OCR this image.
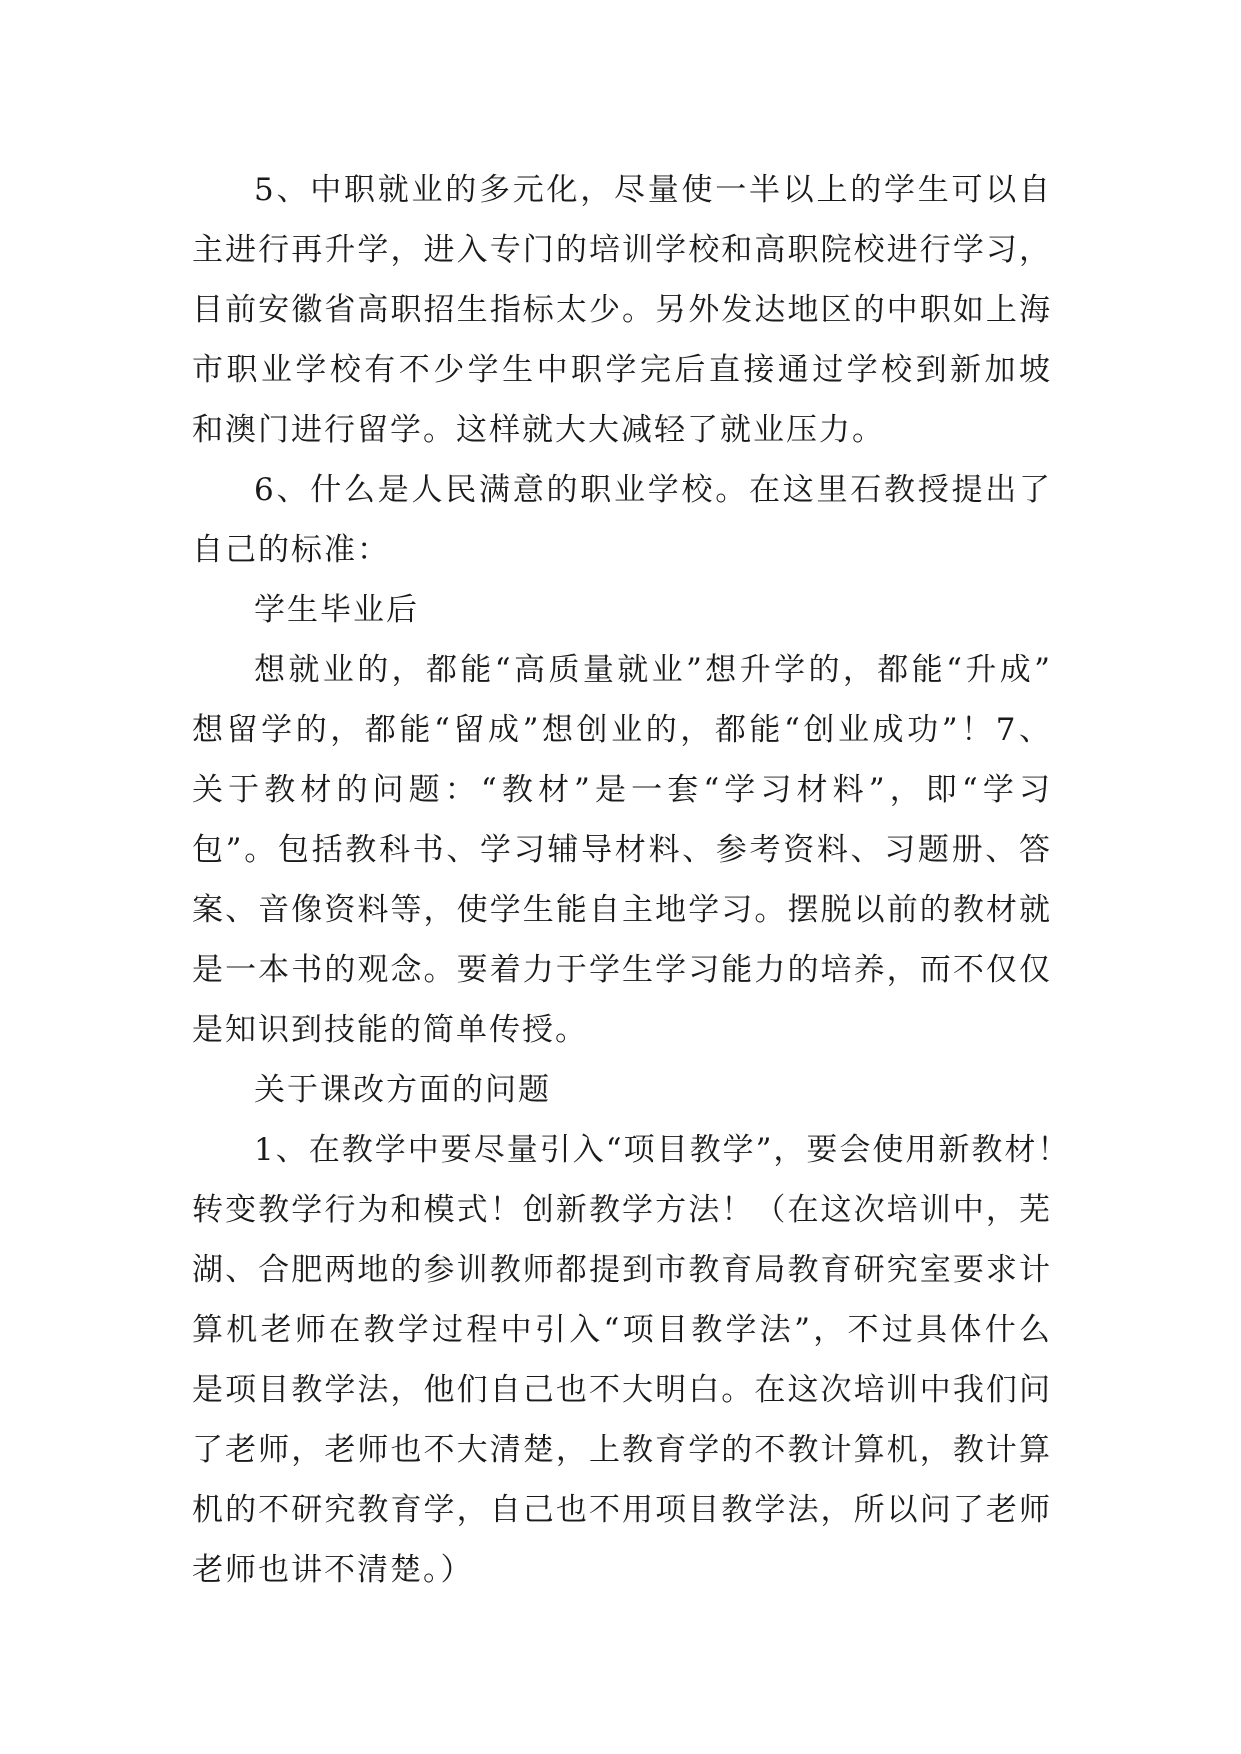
5、中职就业的多元化，尽量使一半以上的学生可以自
主进行再升学，进入专门的培训学校和高职院校进行学习，
目前安徽省高职招生指标太少。另外发达地区的中职如上海
市职业学校有不少学生中职学完后直接通过学校到新加坡
和澳门进行留学。这样就大大减轻了就业压力。
6、什么是人民满意的职业学校。在这里石教授提出了
自己的标准：
学生毕业后
想就业的，都能“高质量就业”想升学的，都能“升成”
想留学的，都能“留成”想创业的，都能“创业成功”！7、
关于教材的问题：“教材”是一套“学习材料”，即“学习
包”。包括教科书、学习辅导材料、参考资料、习题册、答
案、音像资料等，使学生能自主地学习。摆脱以前的教材就
是一本书的观念。要着力于学生学习能力的培养，而不仅仅
是知识到技能的简单传授。
关于课改方面的问题
1、在教学中要尽量引入“项目教学”，要会使用新教材！
转变教学行为和模式！创新教学方法！（在这次培训中，芜
湖、合肥两地的参训教师都提到市教育局教育研究室要求计
算机老师在教学过程中引入“项目教学法”，不过具体什么
是项目教学法，他们自己也不大明白。在这次培训中我们问
了老师，老师也不大清楚，上教育学的不教计算机，教计算
机的不研究教育学，自己也不用项目教学法，所以问了老师
老师也讲不清楚。）
